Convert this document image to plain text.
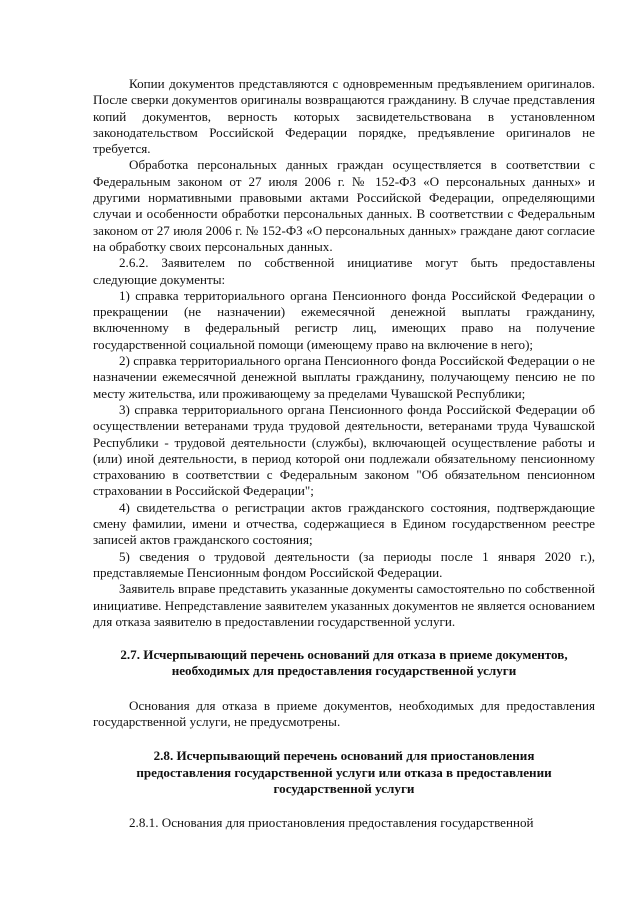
Копии документов представляются с одновременным предъявлением оригиналов. После сверки документов оригиналы возвращаются гражданину. В случае представления копий документов, верность которых засвидетельствована в установленном законодательством Российской Федерации порядке, предъявление оригиналов не требуется.

Обработка персональных данных граждан осуществляется в соответствии с Федеральным законом от 27 июля 2006 г. № 152-ФЗ «О персональных данных» и другими нормативными правовыми актами Российской Федерации, определяющими случаи и особенности обработки персональных данных. В соответствии с Федеральным законом от 27 июля 2006 г. № 152-ФЗ «О персональных данных» гражданe дают согласие на обработку своих персональных данных.

2.6.2. Заявителем по собственной инициативе могут быть предоставлены следующие документы:

1) справка территориального органа Пенсионного фонда Российской Федерации о прекращении (не назначении) ежемесячной денежной выплаты гражданину, включенному в федеральный регистр лиц, имеющих право на получение государственной социальной помощи (имеющему право на включение в него);

2) справка территориального органа Пенсионного фонда Российской Федерации о не назначении ежемесячной денежной выплаты гражданину, получающему пенсию не по месту жительства, или проживающему за пределами Чувашской Республики;

3) справка территориального органа Пенсионного фонда Российской Федерации об осуществлении ветеранами труда трудовой деятельности, ветеранами труда Чувашской Республики - трудовой деятельности (службы), включающей осуществление работы и (или) иной деятельности, в период которой они подлежали обязательному пенсионному страхованию в соответствии с Федеральным законом "Об обязательном пенсионном страховании в Российской Федерации";

4) свидетельства о регистрации актов гражданского состояния, подтверждающие смену фамилии, имени и отчества, содержащиеся в Едином государственном реестре записей актов гражданского состояния;

5) сведения о трудовой деятельности (за периоды после 1 января 2020 г.), представляемые Пенсионным фондом Российской Федерации.

Заявитель вправе представить указанные документы самостоятельно по собственной инициативе. Непредставление заявителем указанных документов не является основанием для отказа заявителю в предоставлении государственной услуги.

2.7. Исчерпывающий перечень оснований для отказа в приеме документов, необходимых для предоставления государственной услуги

Основания для отказа в приеме документов, необходимых для предоставления государственной услуги, не предусмотрены.

2.8. Исчерпывающий перечень оснований для приостановления
предоставления государственной услуги или отказа в предоставлении
государственной услуги

2.8.1. Основания для приостановления предоставления государственной
